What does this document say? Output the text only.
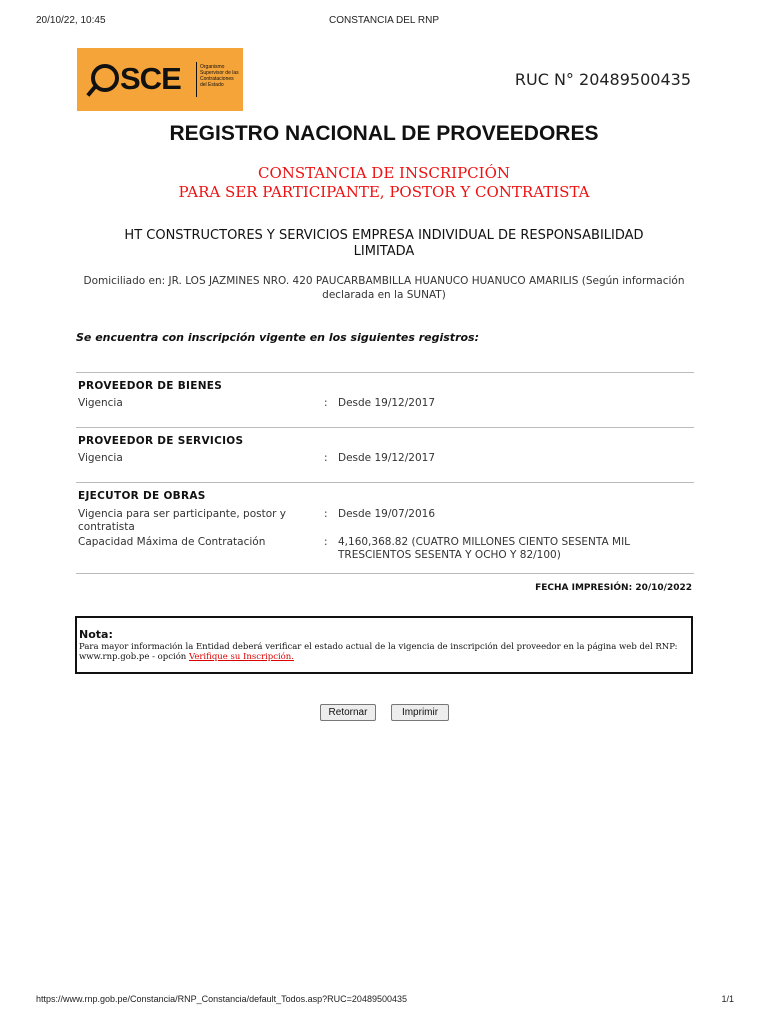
20/10/22, 10:45	CONSTANCIA DEL RNP
SCE	Organismo
Supervisor de las
Contrataciones
del Estado	RUC N° 20489500435
REGISTRO NACIONAL DE PROVEEDORES
CONSTANCIA DE INSCRIPCIÓN
PARA SER PARTICIPANTE, POSTOR Y CONTRATISTA
HT CONSTRUCTORES Y SERVICIOS EMPRESA INDIVIDUAL DE RESPONSABILIDAD LIMITADA
Domiciliado en: JR. LOS JAZMINES NRO. 420 PAUCARBAMBILLA HUANUCO HUANUCO AMARILIS (Según información declarada en la SUNAT)
Se encuentra con inscripción vigente en los siguientes registros:
PROVEEDOR DE BIENES
Vigencia	: Desde 19/12/2017
PROVEEDOR DE SERVICIOS
Vigencia	: Desde 19/12/2017
EJECUTOR DE OBRAS
Vigencia para ser participante, postor y contratista
: Desde 19/07/2016
Capacidad Máxima de Contratación	: 4,160,368.82 (CUATRO MILLONES CIENTO SESENTA MIL TRESCIENTOS SESENTA Y OCHO Y 82/100)
FECHA IMPRESIÓN: 20/10/2022
Nota:
Para mayor información la Entidad deberá verificar el estado actual de la vigencia de inscripción del proveedor en la página web del RNP: www.rnp.gob.pe - opción Verifique su Inscripción.
Retornar	Imprimir
https://www.rnp.gob.pe/Constancia/RNP_Constancia/default_Todos.asp?RUC=20489500435	1/1
